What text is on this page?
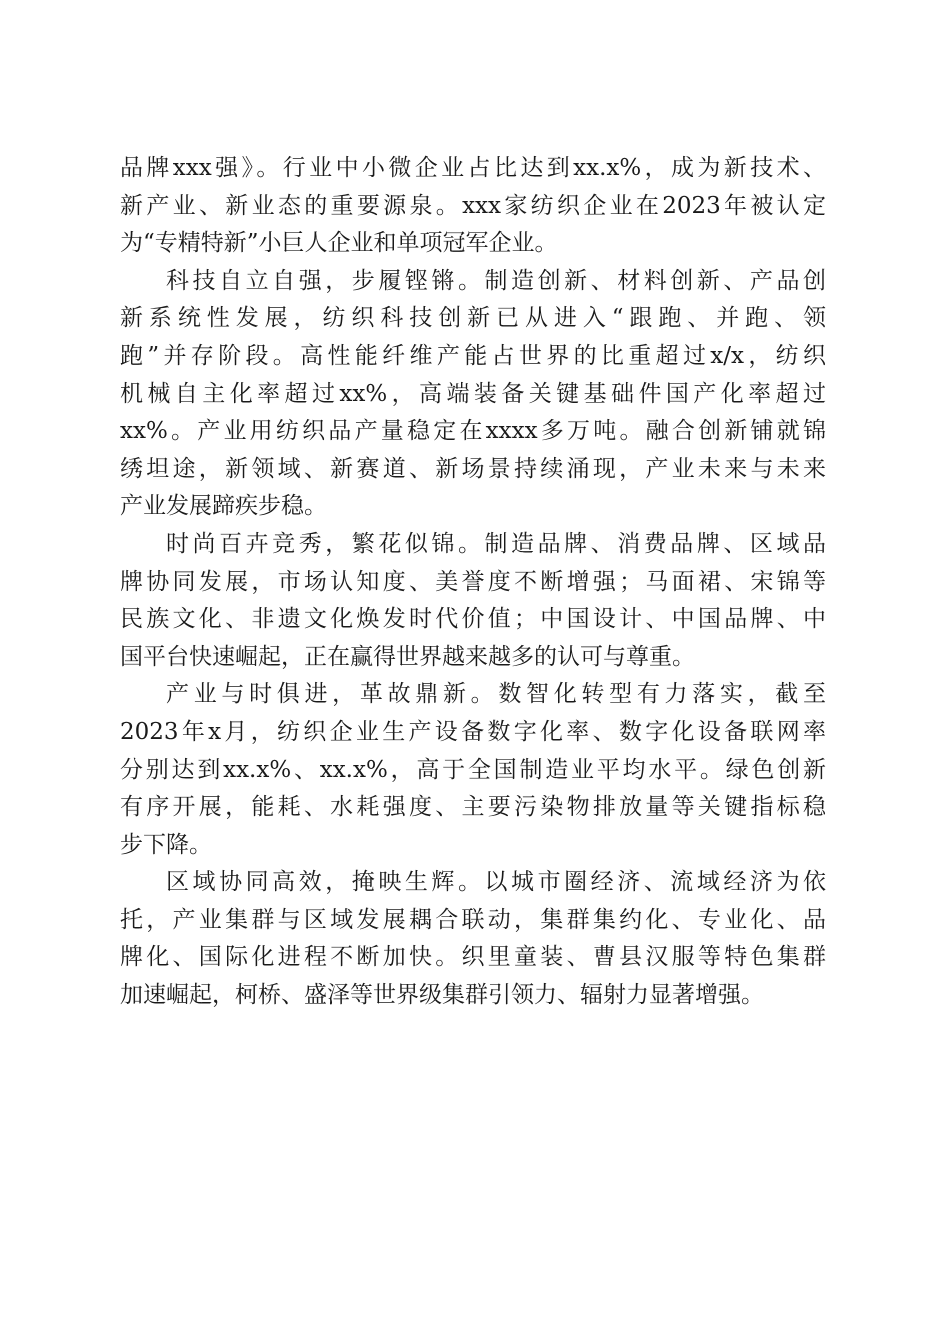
品牌xxx强》。行业中小微企业占比达到xx.x%，成为新技术、
新产业、新业态的重要源泉。xxx家纺织企业在2023年被认定
为“专精特新”小巨人企业和单项冠军企业。
科技自立自强，步履铿锵。制造创新、材料创新、产品创
新系统性发展，纺织科技创新已从进入“跟跑、并跑、领
跑”并存阶段。高性能纤维产能占世界的比重超过x/x，纺织
机械自主化率超过xx%，高端装备关键基础件国产化率超过
xx%。产业用纺织品产量稳定在xxxx多万吨。融合创新铺就锦
绣坦途，新领域、新赛道、新场景持续涌现，产业未来与未来
产业发展蹄疾步稳。
时尚百卉竞秀，繁花似锦。制造品牌、消费品牌、区域品
牌协同发展，市场认知度、美誉度不断增强；马面裙、宋锦等
民族文化、非遗文化焕发时代价值；中国设计、中国品牌、中
国平台快速崛起，正在赢得世界越来越多的认可与尊重。
产业与时俱进，革故鼎新。数智化转型有力落实，截至
2023年x月，纺织企业生产设备数字化率、数字化设备联网率
分别达到xx.x%、xx.x%，高于全国制造业平均水平。绿色创新
有序开展，能耗、水耗强度、主要污染物排放量等关键指标稳
步下降。
区域协同高效，掩映生辉。以城市圈经济、流域经济为依
托，产业集群与区域发展耦合联动，集群集约化、专业化、品
牌化、国际化进程不断加快。织里童装、曹县汉服等特色集群
加速崛起，柯桥、盛泽等世界级集群引领力、辐射力显著增强。
